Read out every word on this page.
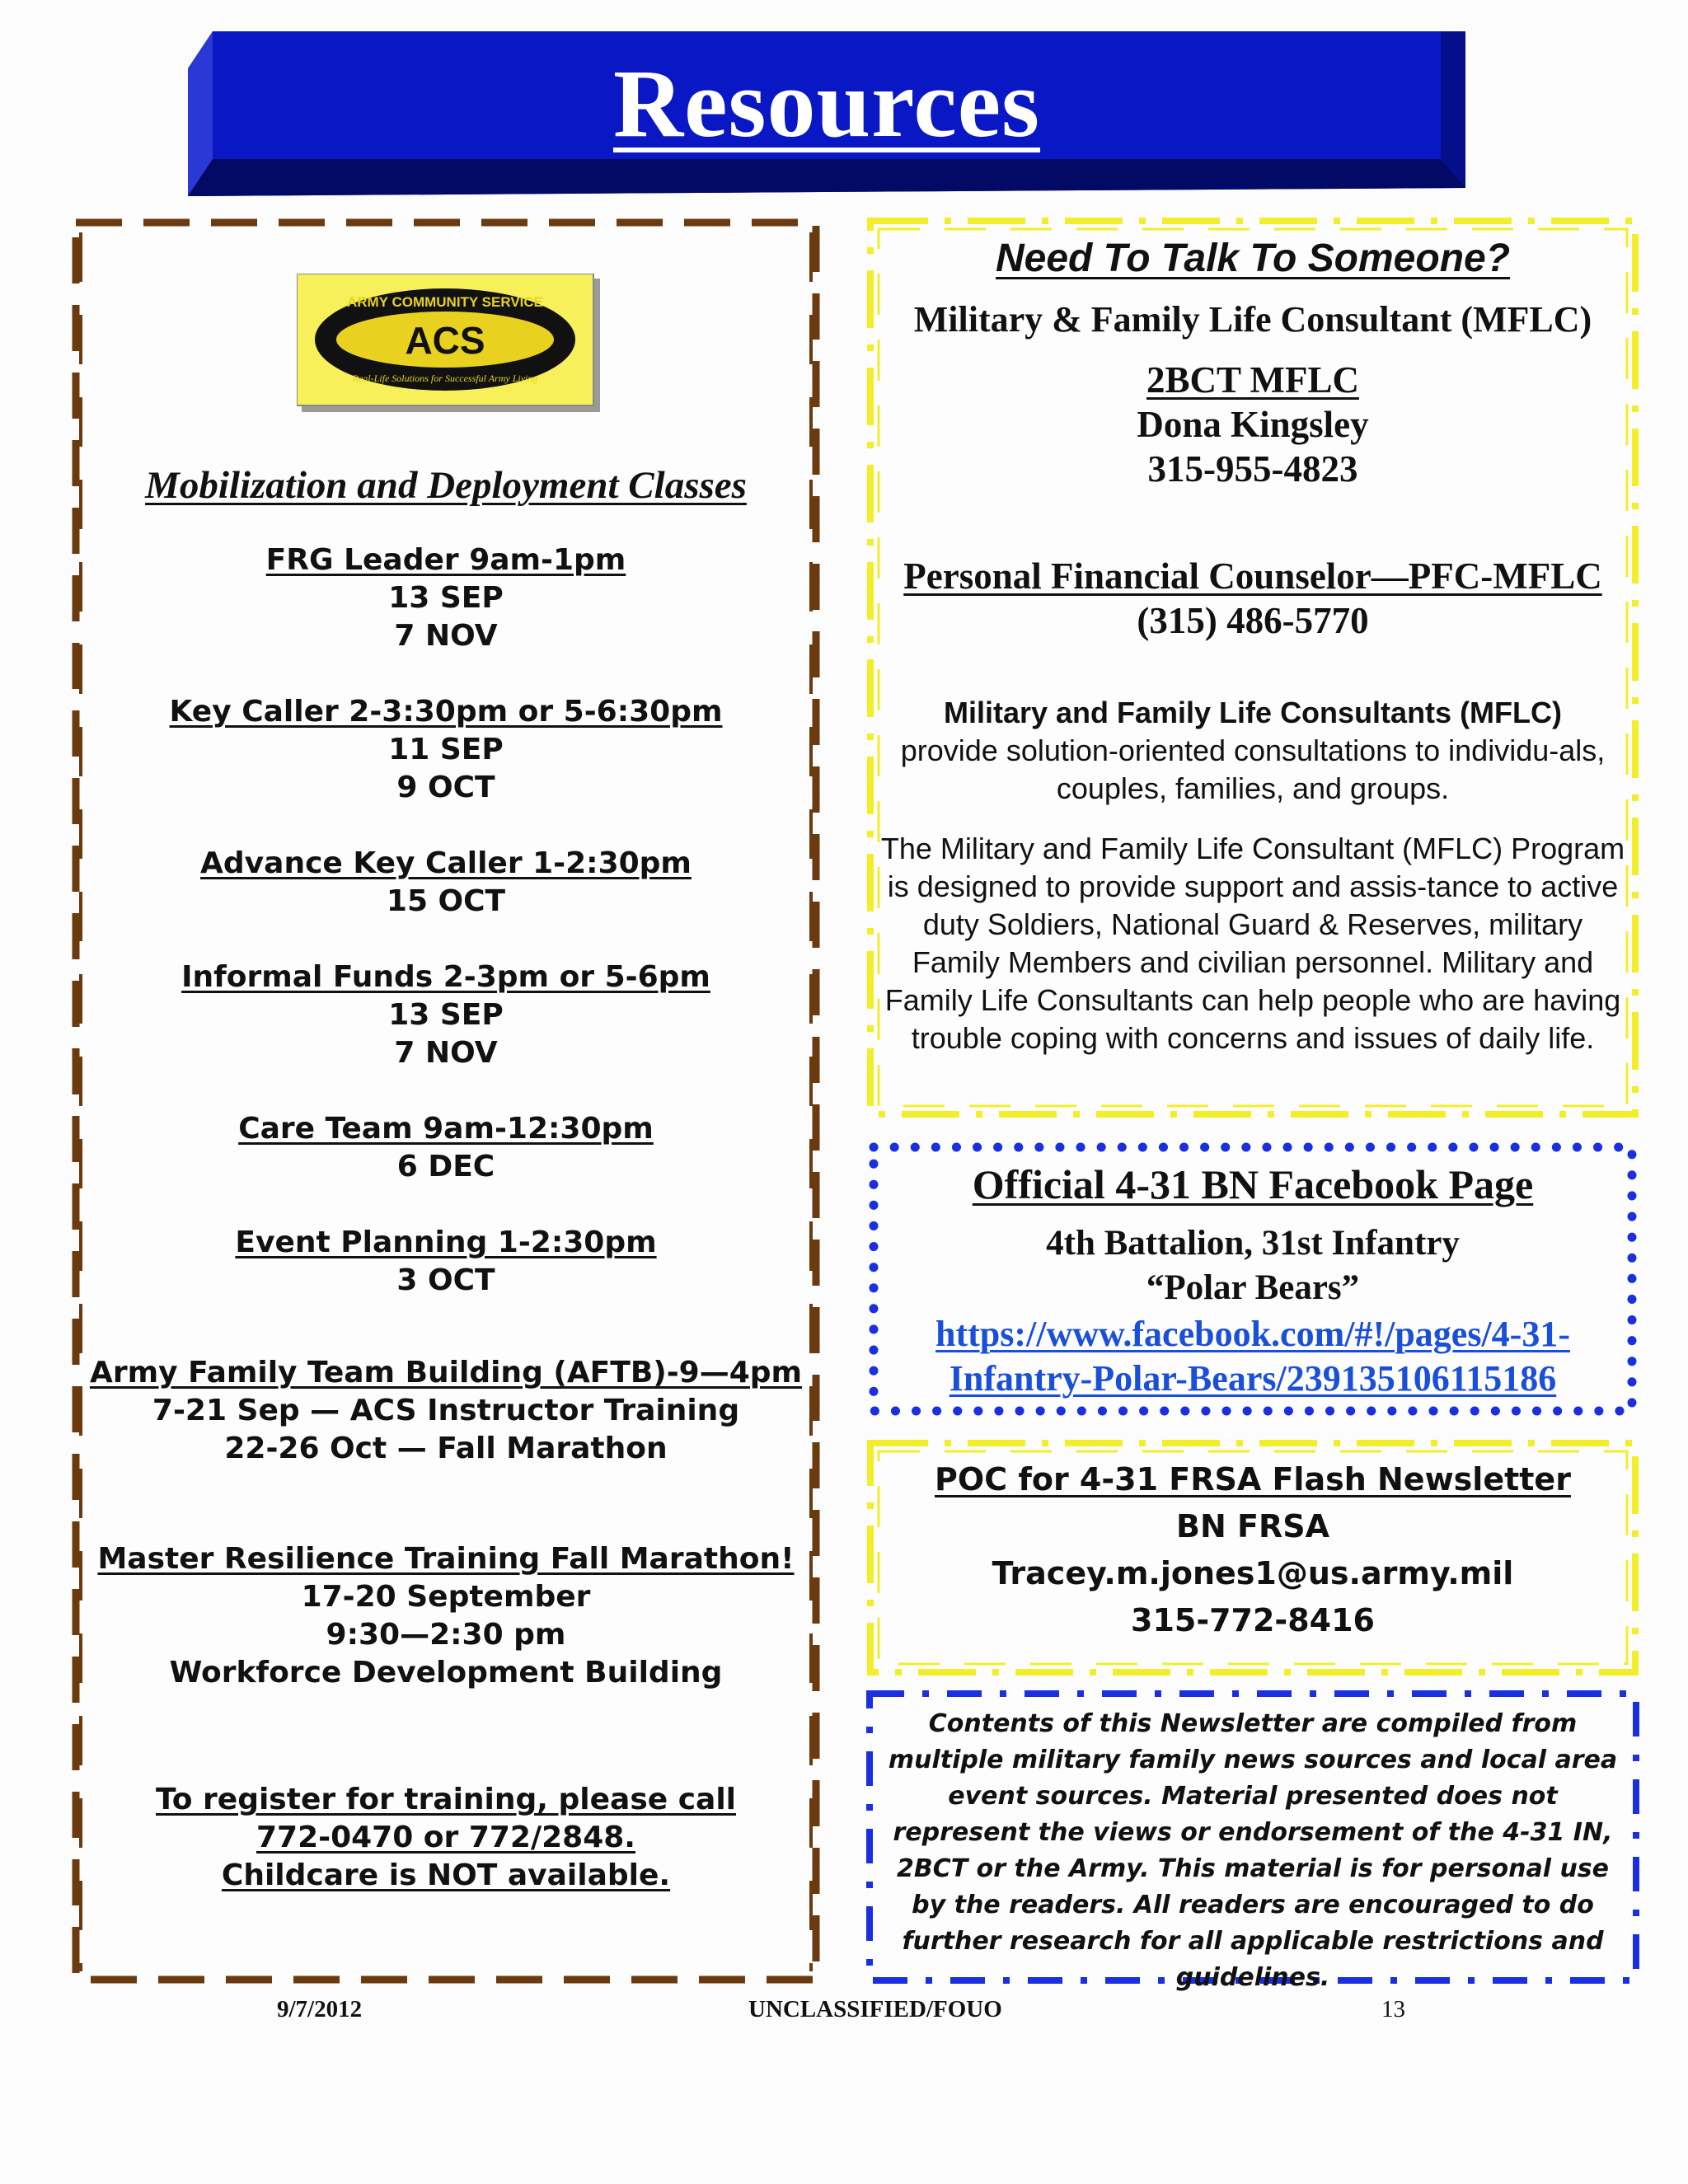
Resources
ARMY COMMUNITY SERVICE
ACS
Real-Life Solutions for Successful Army Living
Mobilization and Deployment Classes
FRG Leader 9am-1pm
13 SEP
7 NOV
Key Caller 2-3:30pm or 5-6:30pm
11 SEP
9 OCT
Advance Key Caller 1-2:30pm
15 OCT
Informal Funds 2-3pm or 5-6pm
13 SEP
7 NOV
Care Team 9am-12:30pm
6 DEC
Event Planning 1-2:30pm
3 OCT
Army Family Team Building (AFTB)-9—4pm
7-21 Sep — ACS Instructor Training
22-26 Oct — Fall Marathon
Master Resilience Training Fall Marathon!
17-20 September
9:30—2:30 pm
Workforce Development Building
To register for training, please call
772-0470 or 772/2848.
Childcare is NOT available.
Need To Talk To Someone?
Military & Family Life Consultant (MFLC)
2BCT MFLC
Dona Kingsley
315-955-4823
Personal Financial Counselor—PFC-MFLC
(315) 486-5770
Military and Family Life Consultants (MFLC)
provide solution-oriented consultations to individu-als, couples, families, and groups.
The Military and Family Life Consultant (MFLC) Program is designed to provide support and assis-tance to active duty Soldiers, National Guard & Reserves, military Family Members and civilian personnel. Military and Family Life Consultants can help people who are having trouble coping with concerns and issues of daily life.
Official 4-31 BN Facebook Page
4th Battalion, 31st Infantry
“Polar Bears”
https://www.facebook.com/#!/pages/4-31-
Infantry-Polar-Bears/239135106115186
POC for 4-31 FRSA Flash Newsletter
BN FRSA
Tracey.m.jones1@us.army.mil
315-772-8416
Contents of this Newsletter are compiled from multiple military family news sources and local area event sources. Material presented does not represent the views or endorsement of the 4-31 IN, 2BCT or the Army. This material is for personal use by the readers. All readers are encouraged to do further research for all applicable restrictions and guidelines.
9/7/2012	UNCLASSIFIED/FOUO	13
